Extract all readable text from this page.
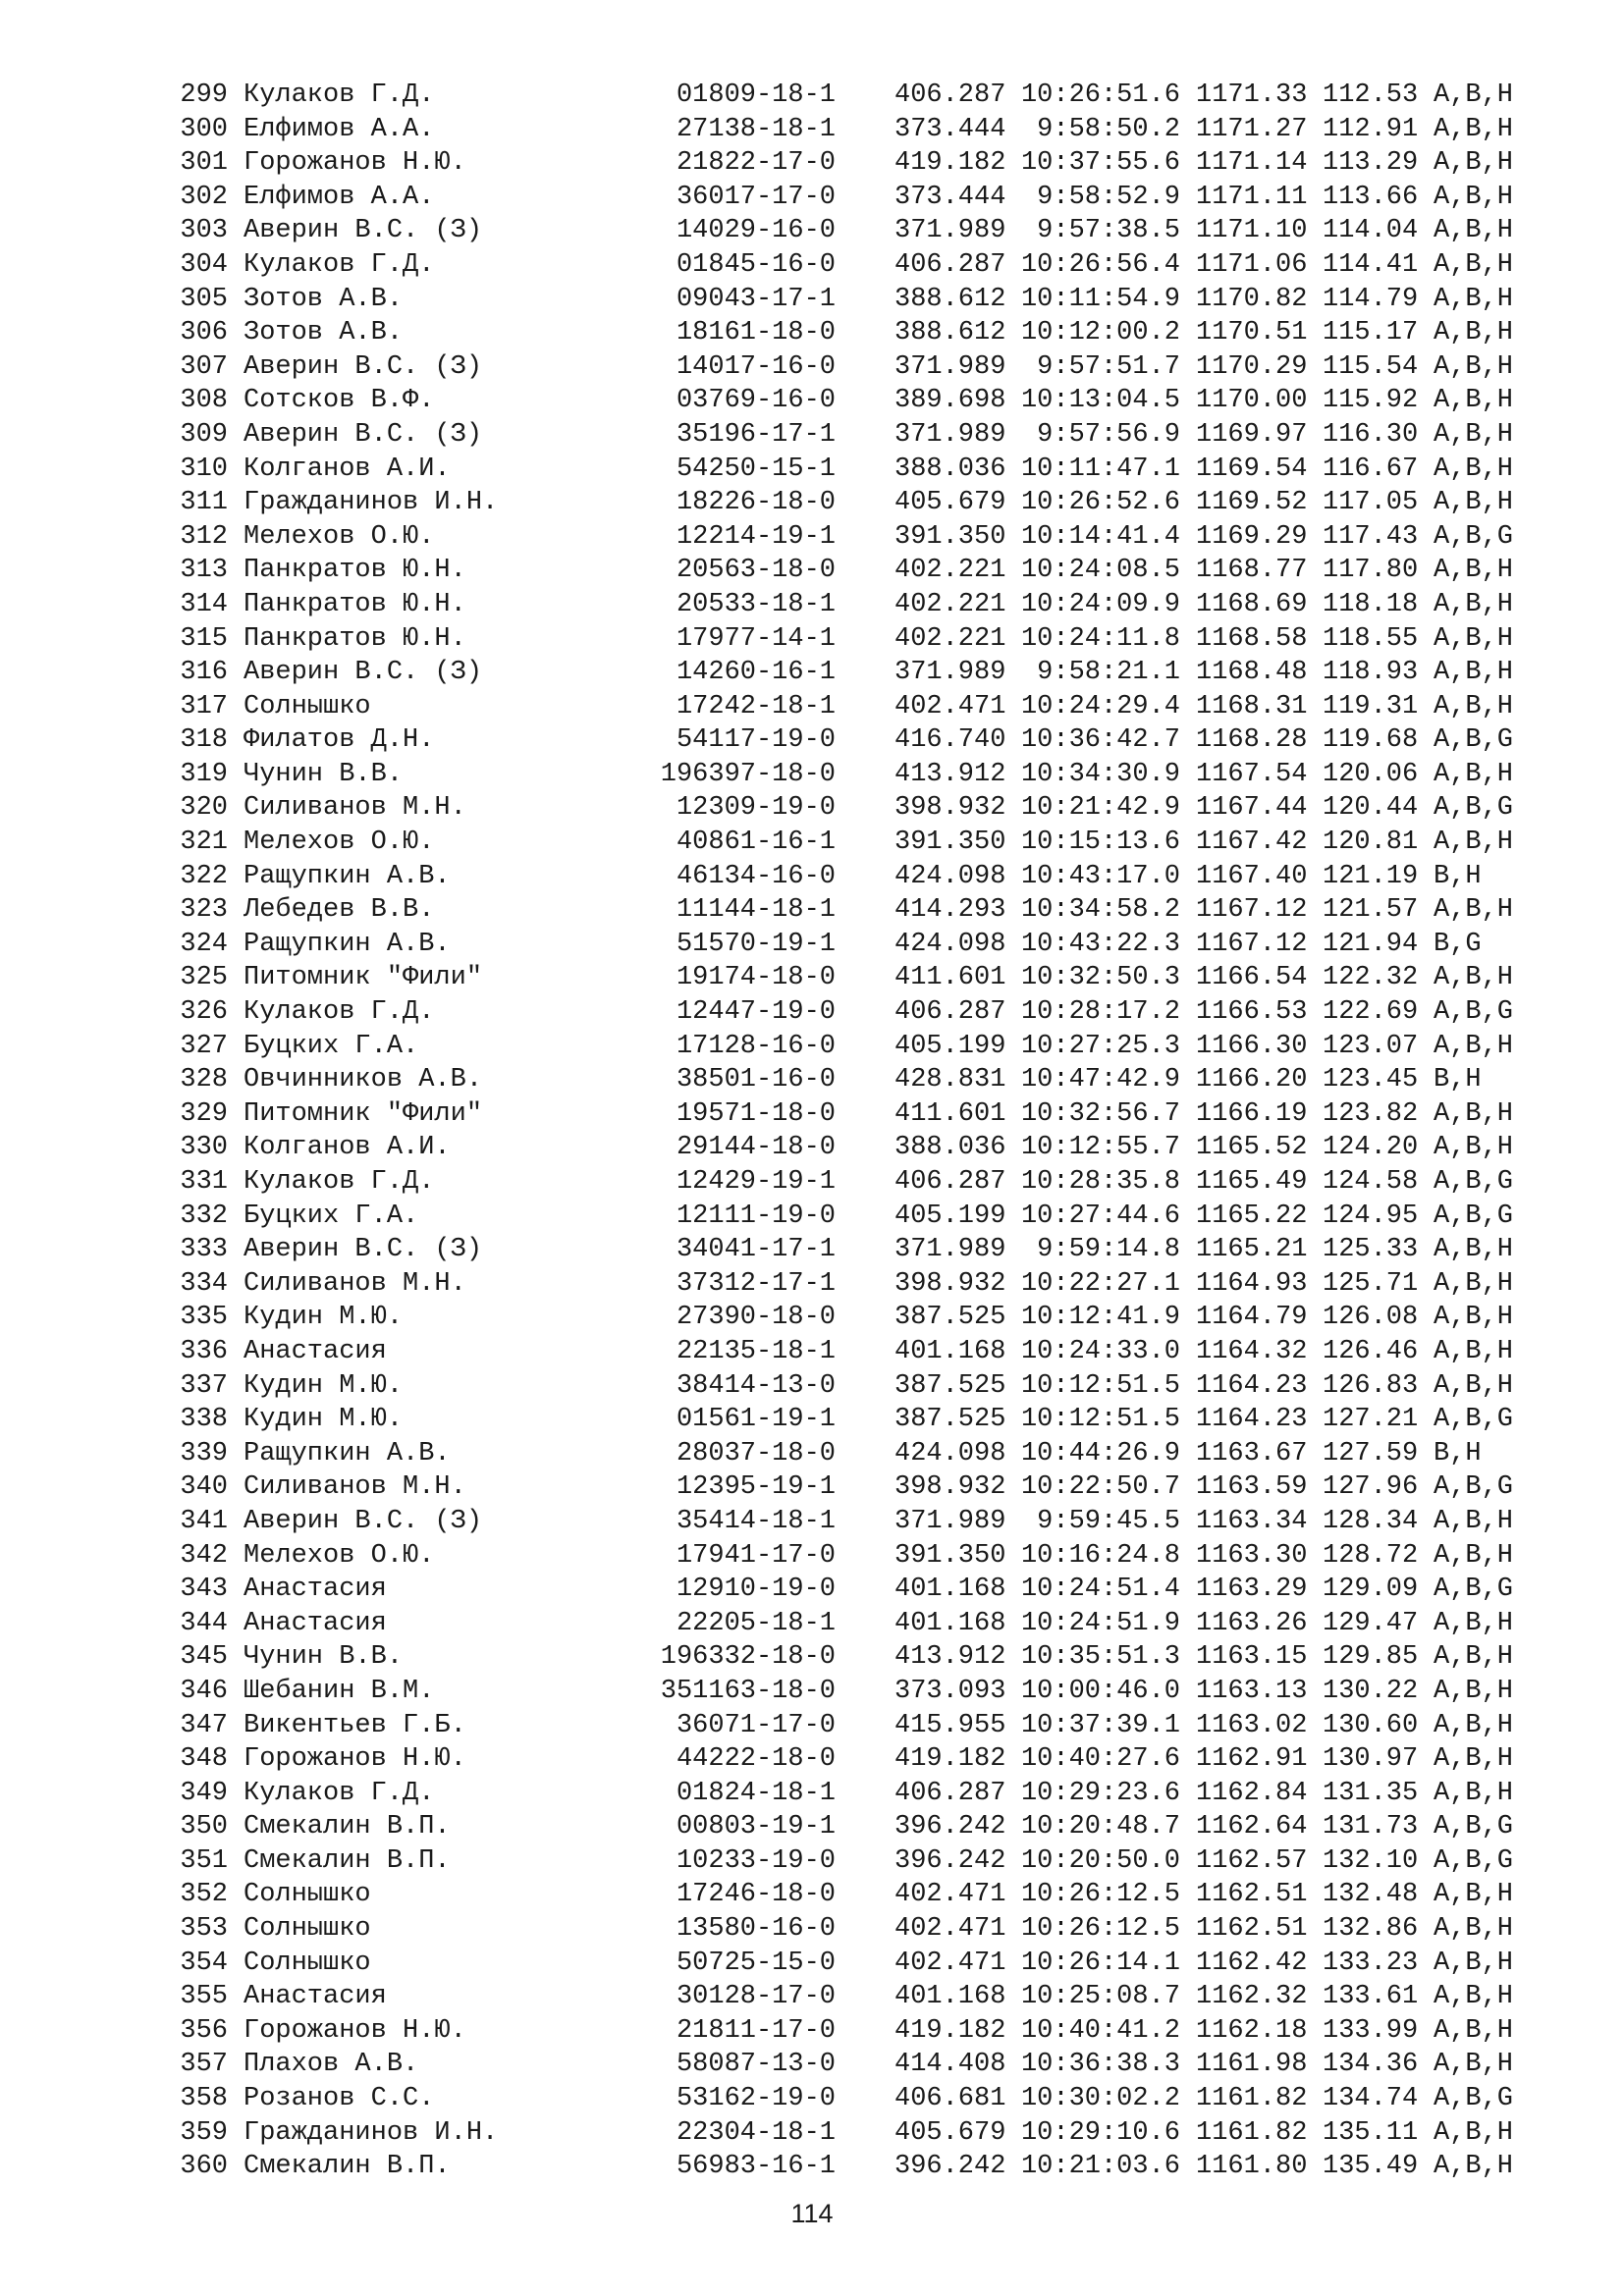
299 Кулаков Г.Д.	01809-18-1 406.287 10:26:51.6 1171.33 112.53 A,B,H
300 Елфимов А.А.	27138-18-1 373.444 9:58:50.2 1171.27 112.91 A,B,H
301 Горожанов Н.Ю.	21822-17-0 419.182 10:37:55.6 1171.14 113.29 A,B,H
302 Елфимов А.А.	36017-17-0 373.444 9:58:52.9 1171.11 113.66 A,B,H
303 Аверин В.С. (З)	14029-16-0 371.989 9:57:38.5 1171.10 114.04 A,B,H
304 Кулаков Г.Д.	01845-16-0 406.287 10:26:56.4 1171.06 114.41 A,B,H
305 Зотов А.В.	09043-17-1 388.612 10:11:54.9 1170.82 114.79 A,B,H
306 Зотов А.В.	18161-18-0 388.612 10:12:00.2 1170.51 115.17 A,B,H
307 Аверин В.С. (З)	14017-16-0 371.989 9:57:51.7 1170.29 115.54 A,B,H
308 Сотсков В.Ф.	03769-16-0 389.698 10:13:04.5 1170.00 115.92 A,B,H
309 Аверин В.С. (З)	35196-17-1 371.989 9:57:56.9 1169.97 116.30 A,B,H
310 Колганов А.И.	54250-15-1 388.036 10:11:47.1 1169.54 116.67 A,B,H
311 Гражданинов И.Н.	18226-18-0 405.679 10:26:52.6 1169.52 117.05 A,B,H
312 Мелехов О.Ю.	12214-19-1 391.350 10:14:41.4 1169.29 117.43 A,B,G
313 Панкратов Ю.Н.	20563-18-0 402.221 10:24:08.5 1168.77 117.80 A,B,H
314 Панкратов Ю.Н.	20533-18-1 402.221 10:24:09.9 1168.69 118.18 A,B,H
315 Панкратов Ю.Н.	17977-14-1 402.221 10:24:11.8 1168.58 118.55 A,B,H
316 Аверин В.С. (З)	14260-16-1 371.989 9:58:21.1 1168.48 118.93 A,B,H
317 Солнышко	17242-18-1 402.471 10:24:29.4 1168.31 119.31 A,B,H
318 Филатов Д.Н.	54117-19-0 416.740 10:36:42.7 1168.28 119.68 A,B,G
319 Чунин В.В.	196397-18-0 413.912 10:34:30.9 1167.54 120.06 A,B,H
320 Силиванов М.Н.	12309-19-0 398.932 10:21:42.9 1167.44 120.44 A,B,G
321 Мелехов О.Ю.	40861-16-1 391.350 10:15:13.6 1167.42 120.81 A,B,H
322 Ращупкин А.В.	46134-16-0 424.098 10:43:17.0 1167.40 121.19 B,H
323 Лебедев В.В.	11144-18-1 414.293 10:34:58.2 1167.12 121.57 A,B,H
324 Ращупкин А.В.	51570-19-1 424.098 10:43:22.3 1167.12 121.94 B,G
325 Питомник "Фили"	19174-18-0 411.601 10:32:50.3 1166.54 122.32 A,B,H
326 Кулаков Г.Д.	12447-19-0 406.287 10:28:17.2 1166.53 122.69 A,B,G
327 Буцких Г.А.	17128-16-0 405.199 10:27:25.3 1166.30 123.07 A,B,H
328 Овчинников А.В.	38501-16-0 428.831 10:47:42.9 1166.20 123.45 B,H
329 Питомник "Фили"	19571-18-0 411.601 10:32:56.7 1166.19 123.82 A,B,H
330 Колганов А.И.	29144-18-0 388.036 10:12:55.7 1165.52 124.20 A,B,H
331 Кулаков Г.Д.	12429-19-1 406.287 10:28:35.8 1165.49 124.58 A,B,G
332 Буцких Г.А.	12111-19-0 405.199 10:27:44.6 1165.22 124.95 A,B,G
333 Аверин В.С. (З)	34041-17-1 371.989 9:59:14.8 1165.21 125.33 A,B,H
334 Силиванов М.Н.	37312-17-1 398.932 10:22:27.1 1164.93 125.71 A,B,H
335 Кудин М.Ю.	27390-18-0 387.525 10:12:41.9 1164.79 126.08 A,B,H
336 Анастасия	22135-18-1 401.168 10:24:33.0 1164.32 126.46 A,B,H
337 Кудин М.Ю.	38414-13-0 387.525 10:12:51.5 1164.23 126.83 A,B,H
338 Кудин М.Ю.	01561-19-1 387.525 10:12:51.5 1164.23 127.21 A,B,G
339 Ращупкин А.В.	28037-18-0 424.098 10:44:26.9 1163.67 127.59 B,H
340 Силиванов М.Н.	12395-19-1 398.932 10:22:50.7 1163.59 127.96 A,B,G
341 Аверин В.С. (З)	35414-18-1 371.989 9:59:45.5 1163.34 128.34 A,B,H
342 Мелехов О.Ю.	17941-17-0 391.350 10:16:24.8 1163.30 128.72 A,B,H
343 Анастасия	12910-19-0 401.168 10:24:51.4 1163.29 129.09 A,B,G
344 Анастасия	22205-18-1 401.168 10:24:51.9 1163.26 129.47 A,B,H
345 Чунин В.В.	196332-18-0 413.912 10:35:51.3 1163.15 129.85 A,B,H
346 Шебанин В.М.	351163-18-0 373.093 10:00:46.0 1163.13 130.22 A,B,H
347 Викентьев Г.Б.	36071-17-0 415.955 10:37:39.1 1163.02 130.60 A,B,H
348 Горожанов Н.Ю.	44222-18-0 419.182 10:40:27.6 1162.91 130.97 A,B,H
349 Кулаков Г.Д.	01824-18-1 406.287 10:29:23.6 1162.84 131.35 A,B,H
350 Смекалин В.П.	00803-19-1 396.242 10:20:48.7 1162.64 131.73 A,B,G
351 Смекалин В.П.	10233-19-0 396.242 10:20:50.0 1162.57 132.10 A,B,G
352 Солнышко	17246-18-0 402.471 10:26:12.5 1162.51 132.48 A,B,H
353 Солнышко	13580-16-0 402.471 10:26:12.5 1162.51 132.86 A,B,H
354 Солнышко	50725-15-0 402.471 10:26:14.1 1162.42 133.23 A,B,H
355 Анастасия	30128-17-0 401.168 10:25:08.7 1162.32 133.61 A,B,H
356 Горожанов Н.Ю.	21811-17-0 419.182 10:40:41.2 1162.18 133.99 A,B,H
357 Плахов А.В.	58087-13-0 414.408 10:36:38.3 1161.98 134.36 A,B,H
358 Розанов С.С.	53162-19-0 406.681 10:30:02.2 1161.82 134.74 A,B,G
359 Гражданинов И.Н.	22304-18-1 405.679 10:29:10.6 1161.82 135.11 A,B,H
360 Смекалин В.П.	56983-16-1 396.242 10:21:03.6 1161.80 135.49 A,B,H
114
